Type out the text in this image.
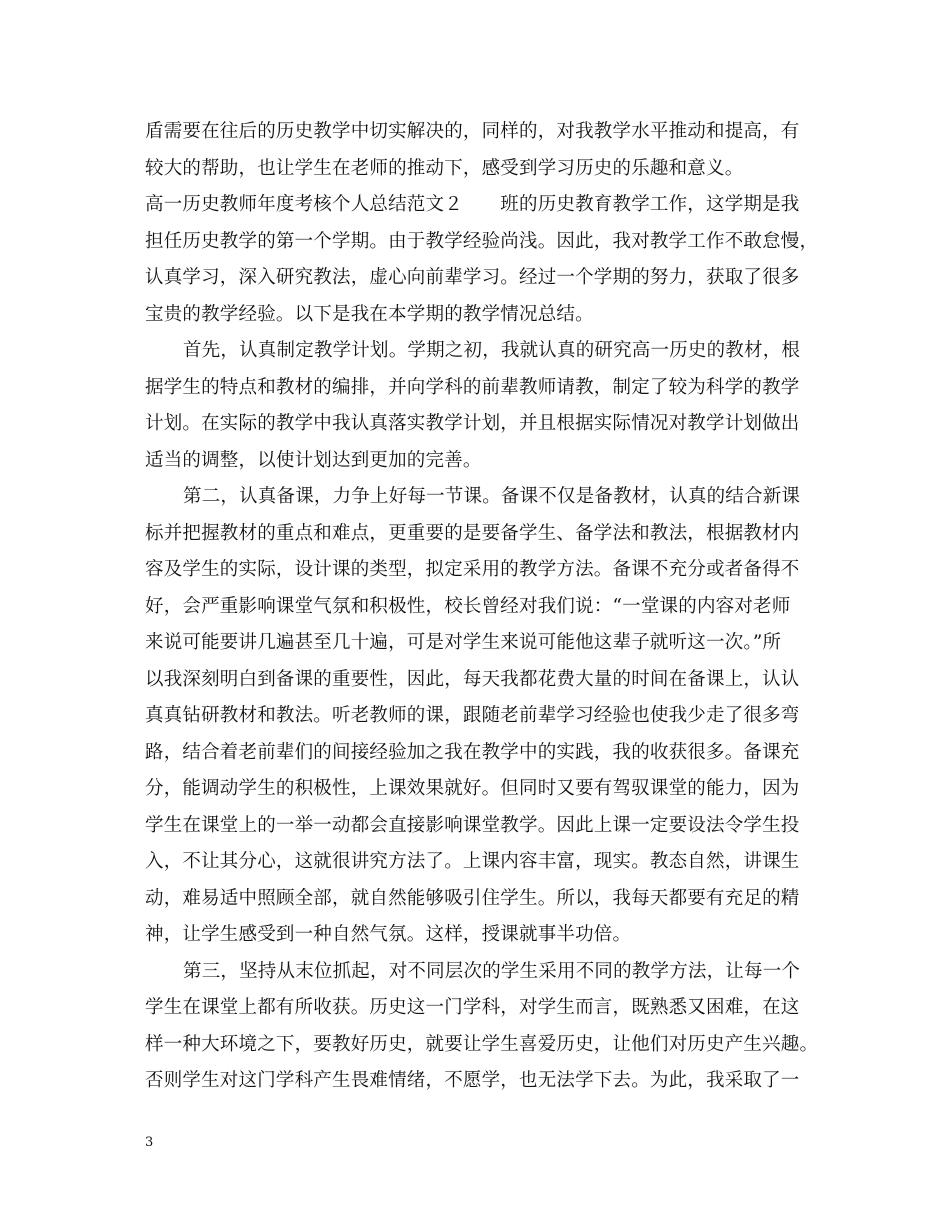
盾需要在往后的历史教学中切实解决的，同样的，对我教学水平推动和提高，有
较大的帮助，也让学生在老师的推动下，感受到学习历史的乐趣和意义。
高一历史教师年度考核个人总结范文２　　班的历史教育教学工作，这学期是我
担任历史教学的第一个学期。由于教学经验尚浅。因此，我对教学工作不敢怠慢，
认真学习，深入研究教法，虚心向前辈学习。经过一个学期的努力，获取了很多
宝贵的教学经验。以下是我在本学期的教学情况总结。
首先，认真制定教学计划。学期之初，我就认真的研究高一历史的教材，根
据学生的特点和教材的编排，并向学科的前辈教师请教，制定了较为科学的教学
计划。在实际的教学中我认真落实教学计划，并且根据实际情况对教学计划做出
适当的调整，以使计划达到更加的完善。
第二，认真备课，力争上好每一节课。备课不仅是备教材，认真的结合新课
标并把握教材的重点和难点，更重要的是要备学生、备学法和教法，根据教材内
容及学生的实际，设计课的类型，拟定采用的教学方法。备课不充分或者备得不
好，会严重影响课堂气氛和积极性，校长曾经对我们说：“一堂课的内容对老师
来说可能要讲几遍甚至几十遍，可是对学生来说可能他这辈子就听这一次。”所
以我深刻明白到备课的重要性，因此，每天我都花费大量的时间在备课上，认认
真真钻研教材和教法。听老教师的课，跟随老前辈学习经验也使我少走了很多弯
路，结合着老前辈们的间接经验加之我在教学中的实践，我的收获很多。备课充
分，能调动学生的积极性，上课效果就好。但同时又要有驾驭课堂的能力，因为
学生在课堂上的一举一动都会直接影响课堂教学。因此上课一定要设法令学生投
入，不让其分心，这就很讲究方法了。上课内容丰富，现实。教态自然，讲课生
动，难易适中照顾全部，就自然能够吸引住学生。所以，我每天都要有充足的精
神，让学生感受到一种自然气氛。这样，授课就事半功倍。
第三，坚持从末位抓起，对不同层次的学生采用不同的教学方法，让每一个
学生在课堂上都有所收获。历史这一门学科，对学生而言，既熟悉又困难，在这
样一种大环境之下，要教好历史，就要让学生喜爱历史，让他们对历史产生兴趣。
否则学生对这门学科产生畏难情绪，不愿学，也无法学下去。为此，我采取了一
3
